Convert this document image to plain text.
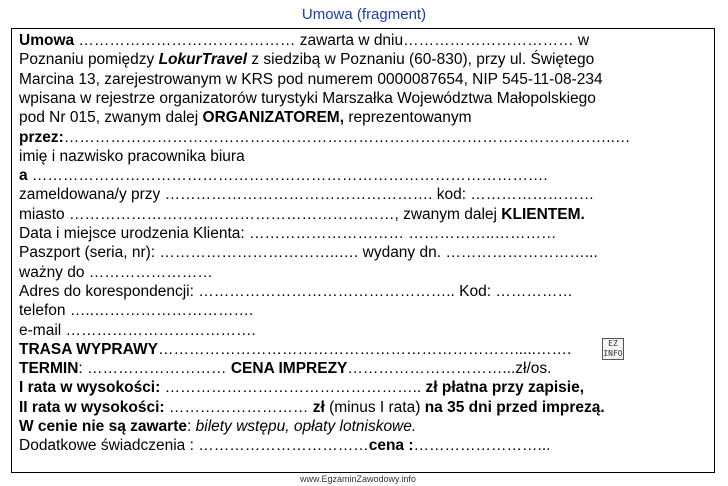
Umowa (fragment)
Umowa …………………………………… zawarta w dniu…………………………… w
Poznaniu pomiędzy LokurTravel z siedzibą w Poznaniu (60-830), przy ul. Świętego
Marcina 13, zarejestrowanym w KRS pod numerem 0000087654, NIP 545-11-08-234
wpisana w rejestrze organizatorów turystyki Marszałka Województwa Małopolskiego
pod Nr 015, zwanym dalej ORGANIZATOREM, reprezentowanym
przez:……………………………………………………………………………………………..…
imię i nazwisko pracownika biura
a ……………………………………………………………………………………….
zameldowana/y przy ……………………………………………. kod: ……………………
miasto ………………………………………………………, zwanym dalej KLIENTEM.
Data i miejsce urodzenia Klienta: ………………………… ……………..…………
Paszport (seria, nr): ……………………………..…. wydany dn. ………………………...
ważny do ……………………
Adres do korespondencji: ………………………………………….. Kod: ……………
telefon …..………………………….
e-mail ……………………………….
TRASA WYPRAWY…………………………………………………………….....…….
TERMIN: ……………………… CENA IMPREZY…………………………...zł/os.
I rata w wysokości: ………………………………………….. zł płatna przy zapisie,
II rata w wysokości: ……………………… zł (minus I rata) na 35 dni przed imprezą.
W cenie nie są zawarte: bilety wstępu, opłaty lotniskowe.
Dodatkowe świadczenia : ……………………………cena :……………………...
EZ
INFO
www.EgzaminZawodowy.info
